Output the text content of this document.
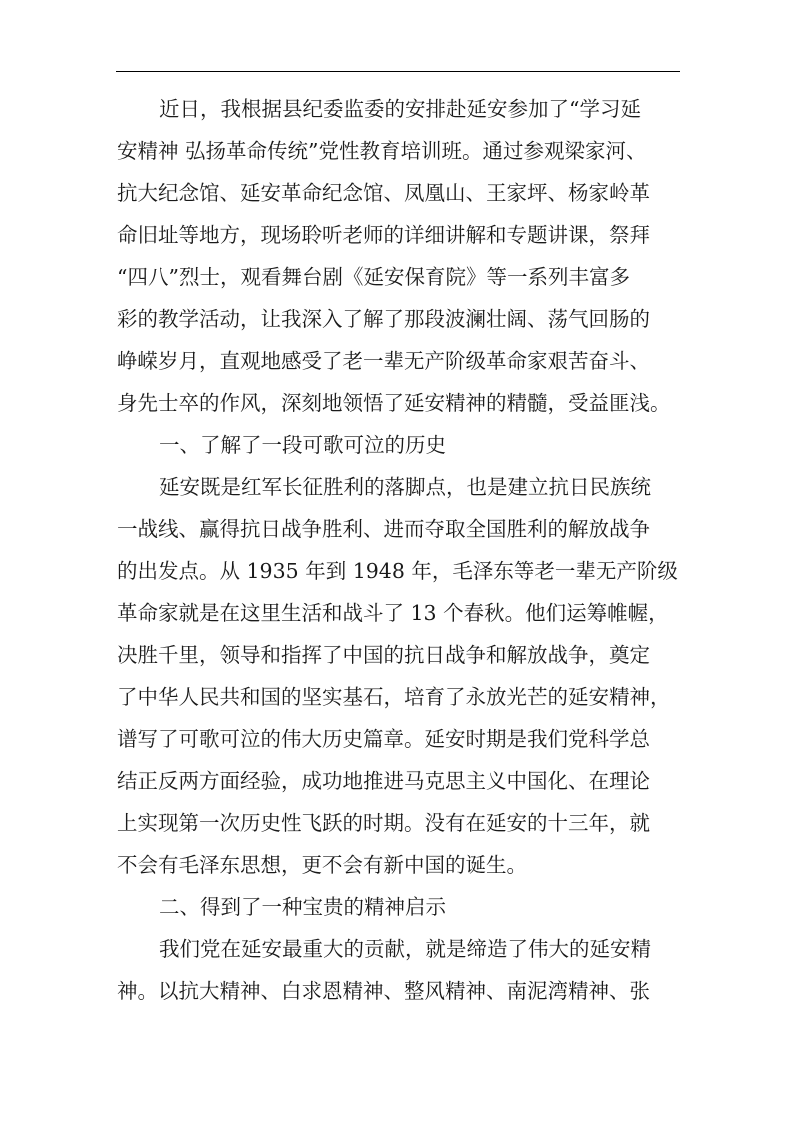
近日，我根据县纪委监委的安排赴延安参加了“学习延
安精神 弘扬革命传统”党性教育培训班。通过参观梁家河、
抗大纪念馆、延安革命纪念馆、凤凰山、王家坪、杨家岭革
命旧址等地方，现场聆听老师的详细讲解和专题讲课，祭拜
“四八”烈士，观看舞台剧《延安保育院》等一系列丰富多
彩的教学活动，让我深入了解了那段波澜壮阔、荡气回肠的
峥嵘岁月，直观地感受了老一辈无产阶级革命家艰苦奋斗、
身先士卒的作风，深刻地领悟了延安精神的精髓，受益匪浅。
一、了解了一段可歌可泣的历史
延安既是红军长征胜利的落脚点，也是建立抗日民族统
一战线、赢得抗日战争胜利、进而夺取全国胜利的解放战争
的出发点。从 1935 年到 1948 年，毛泽东等老一辈无产阶级
革命家就是在这里生活和战斗了 13 个春秋。他们运筹帷幄，
决胜千里，领导和指挥了中国的抗日战争和解放战争，奠定
了中华人民共和国的坚实基石，培育了永放光芒的延安精神，
谱写了可歌可泣的伟大历史篇章。延安时期是我们党科学总
结正反两方面经验，成功地推进马克思主义中国化、在理论
上实现第一次历史性飞跃的时期。没有在延安的十三年，就
不会有毛泽东思想，更不会有新中国的诞生。
二、得到了一种宝贵的精神启示
我们党在延安最重大的贡献，就是缔造了伟大的延安精
神。以抗大精神、白求恩精神、整风精神、南泥湾精神、张
